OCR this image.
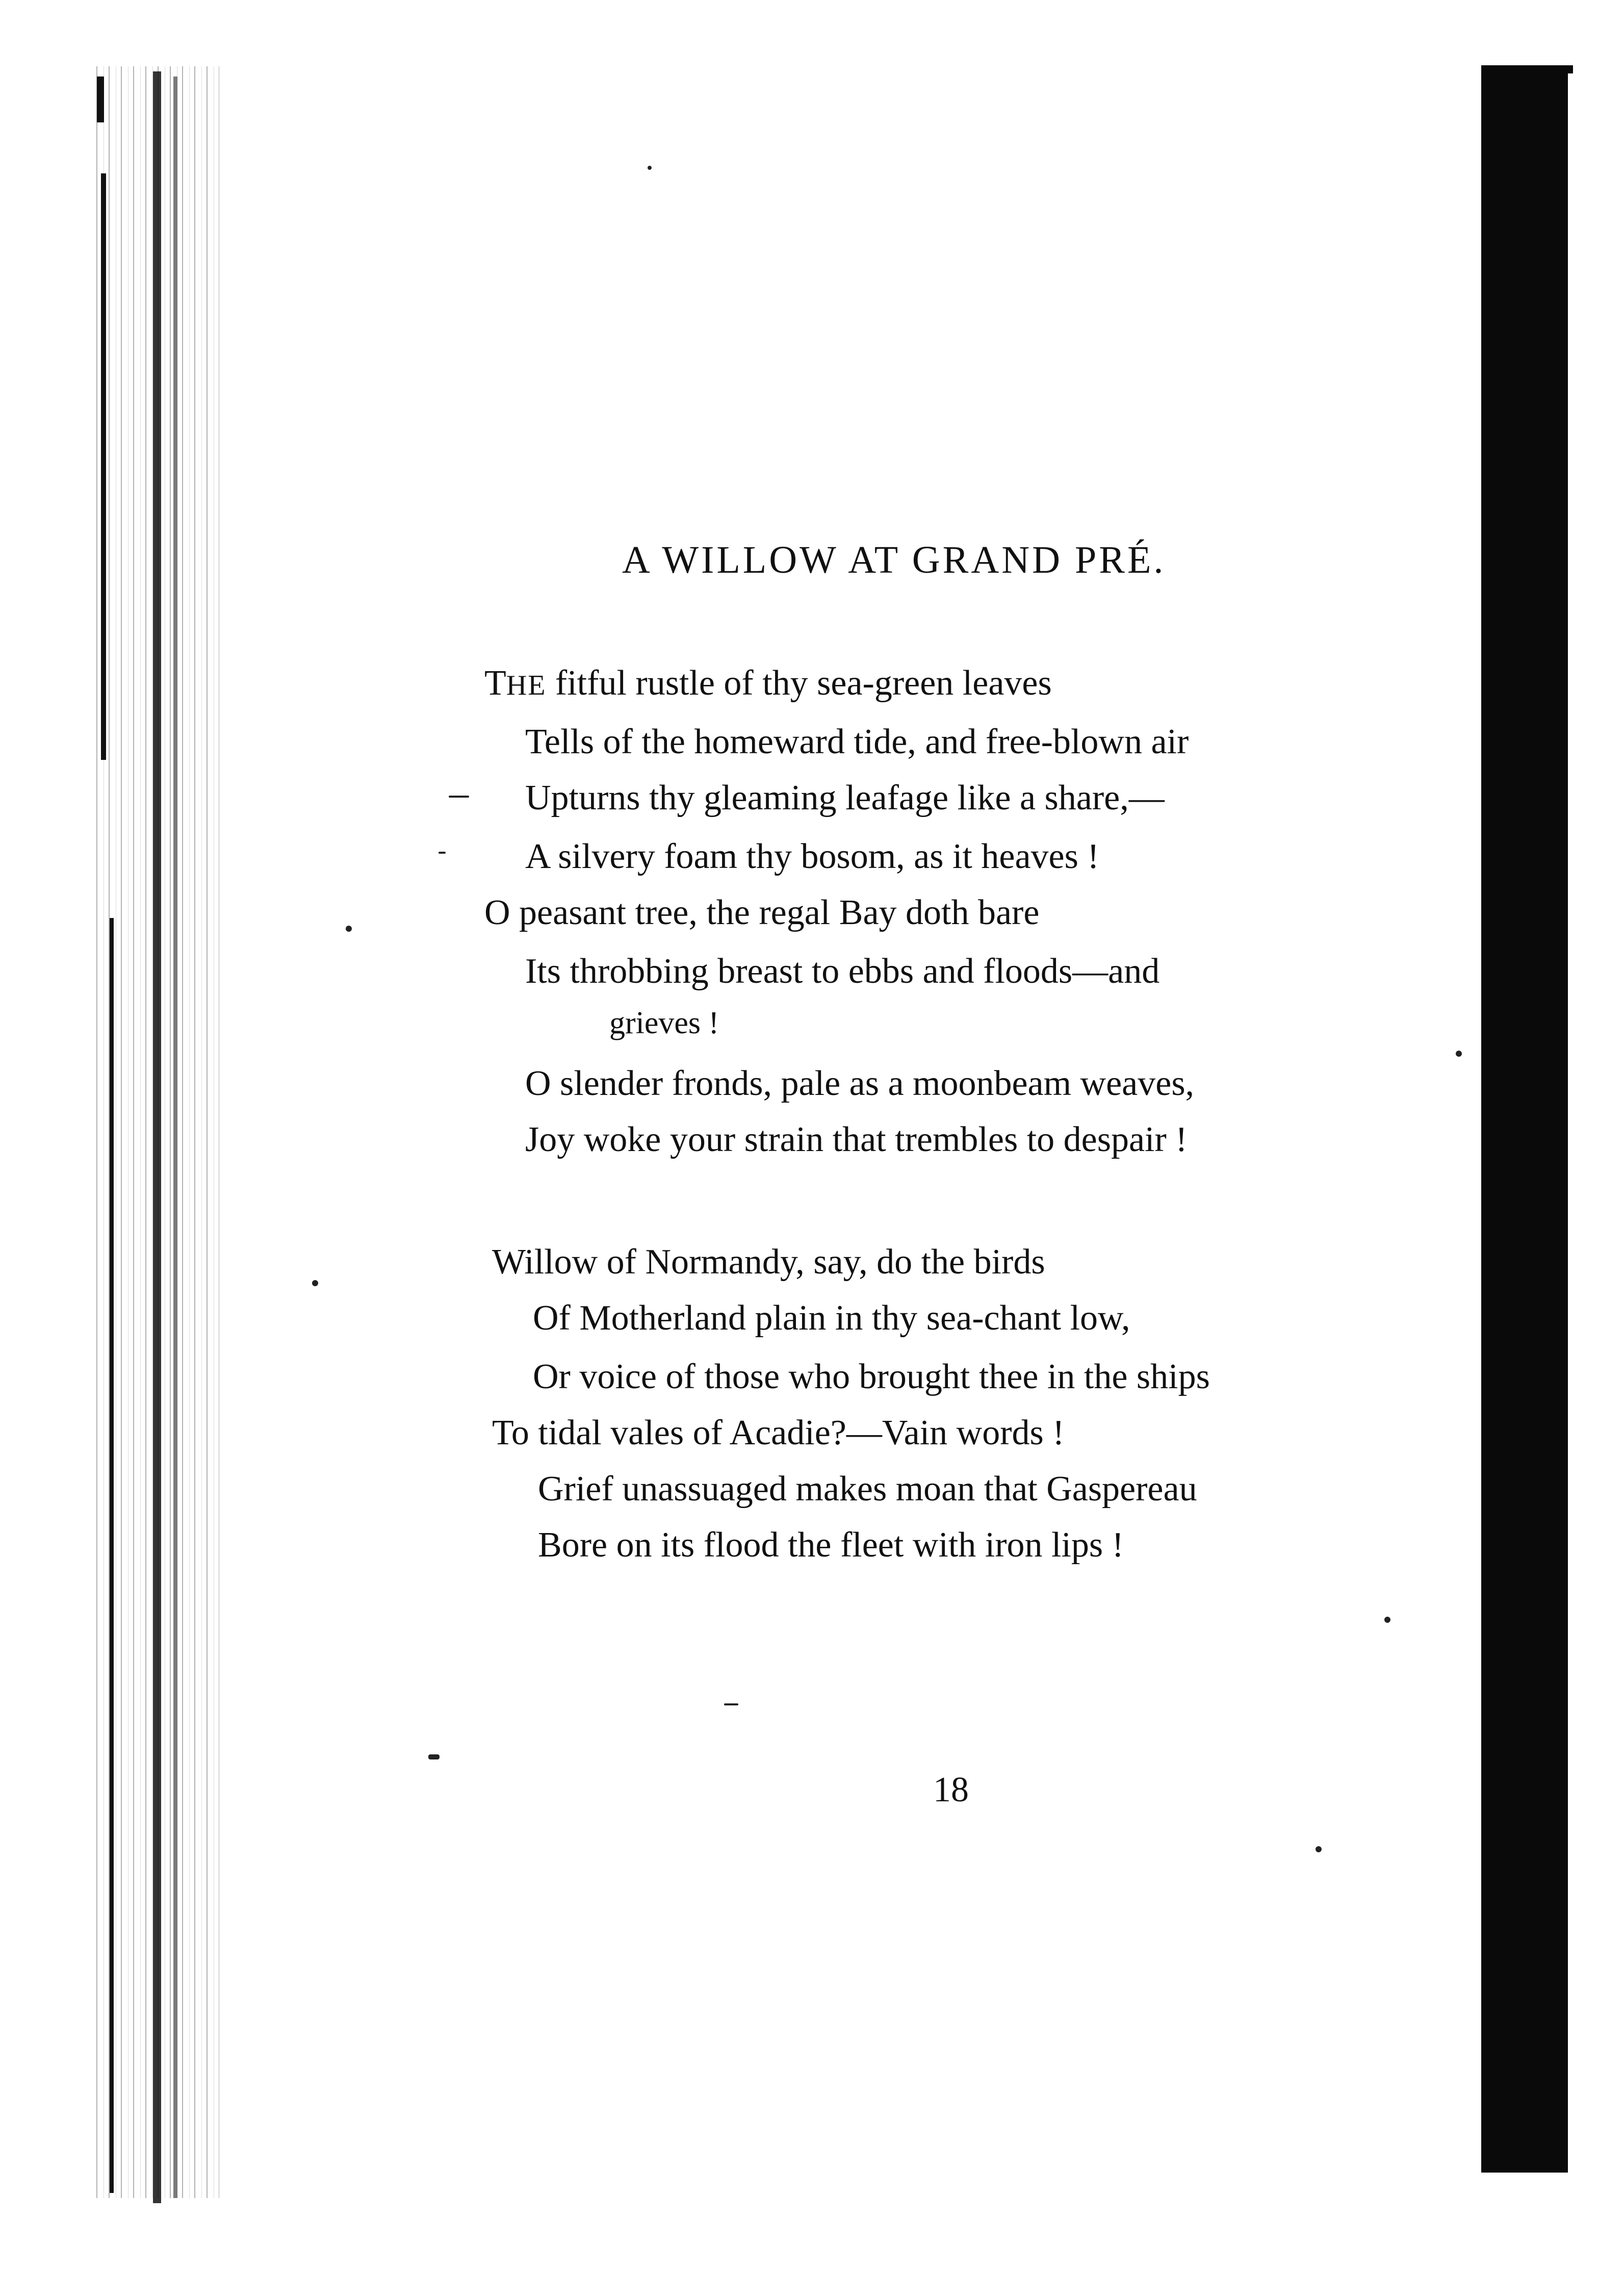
A WILLOW AT GRAND PRÉ.
THE fitful rustle of thy sea-green leaves
Tells of the homeward tide, and free-blown air
Upturns thy gleaming leafage like a share,—
A silvery foam thy bosom, as it heaves !
O peasant tree, the regal Bay doth bare
Its throbbing breast to ebbs and floods—and
grieves !
O slender fronds, pale as a moonbeam weaves,
Joy woke your strain that trembles to despair !
Willow of Normandy, say, do the birds
Of Motherland plain in thy sea-chant low,
Or voice of those who brought thee in the ships
To tidal vales of Acadie?—Vain words !
Grief unassuaged makes moan that Gaspereau
Bore on its flood the fleet with iron lips !
18
